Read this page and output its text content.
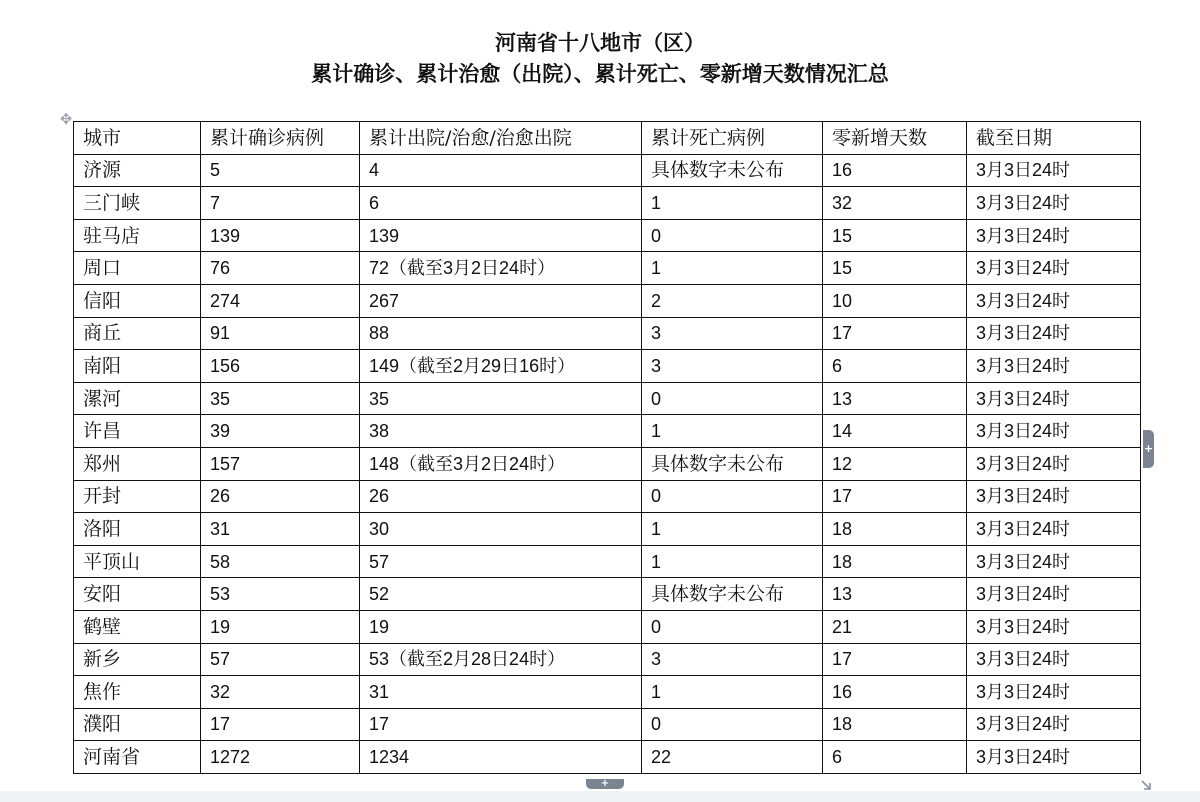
河南省十八地市（区）
累计确诊、累计治愈（出院）、累计死亡、零新增天数情况汇总
✥
城市	累计确诊病例	累计出院/治愈/治愈出院	累计死亡病例	零新增天数	截至日期
济源	5	4	具体数字未公布	16	3月3日24时
三门峡	7	6	1	32	3月3日24时
驻马店	139	139	0	15	3月3日24时
周口	76	72（截至3月2日24时）	1	15	3月3日24时
信阳	274	267	2	10	3月3日24时
商丘	91	88	3	17	3月3日24时
南阳	156	149（截至2月29日16时）	3	6	3月3日24时
漯河	35	35	0	13	3月3日24时
许昌	39	38	1	14	3月3日24时
郑州	157	148（截至3月2日24时）	具体数字未公布	12	3月3日24时
开封	26	26	0	17	3月3日24时
洛阳	31	30	1	18	3月3日24时
平顶山	58	57	1	18	3月3日24时
安阳	53	52	具体数字未公布	13	3月3日24时
鹤壁	19	19	0	21	3月3日24时
新乡	57	53（截至2月28日24时）	3	17	3月3日24时
焦作	32	31	1	16	3月3日24时
濮阳	17	17	0	18	3月3日24时
河南省	1272	1234	22	6	3月3日24时
+
+
